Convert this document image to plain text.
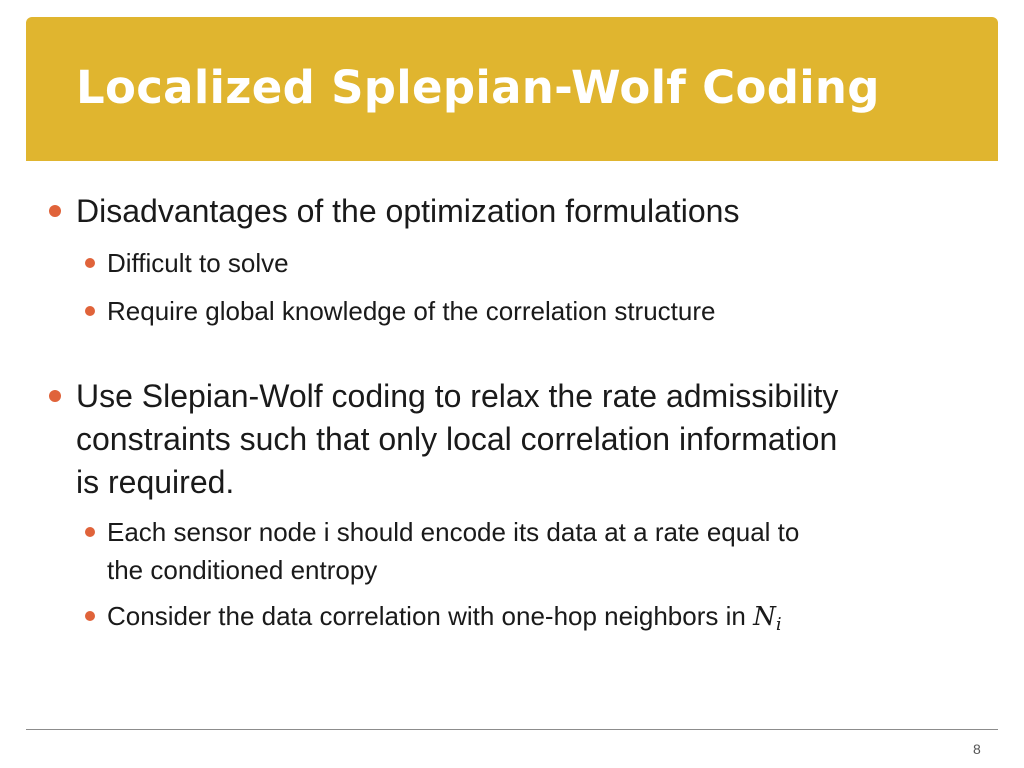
Localized Splepian-Wolf Coding
Disadvantages of the optimization formulations
Difficult to solve
Require global knowledge of the correlation structure
Use Slepian-Wolf coding to relax the rate admissibility
constraints such that only local correlation information
is required.
Each sensor node i should encode its data at a rate equal to
the conditioned entropy
Consider the data correlation with one-hop neighbors in $N_i$
8
